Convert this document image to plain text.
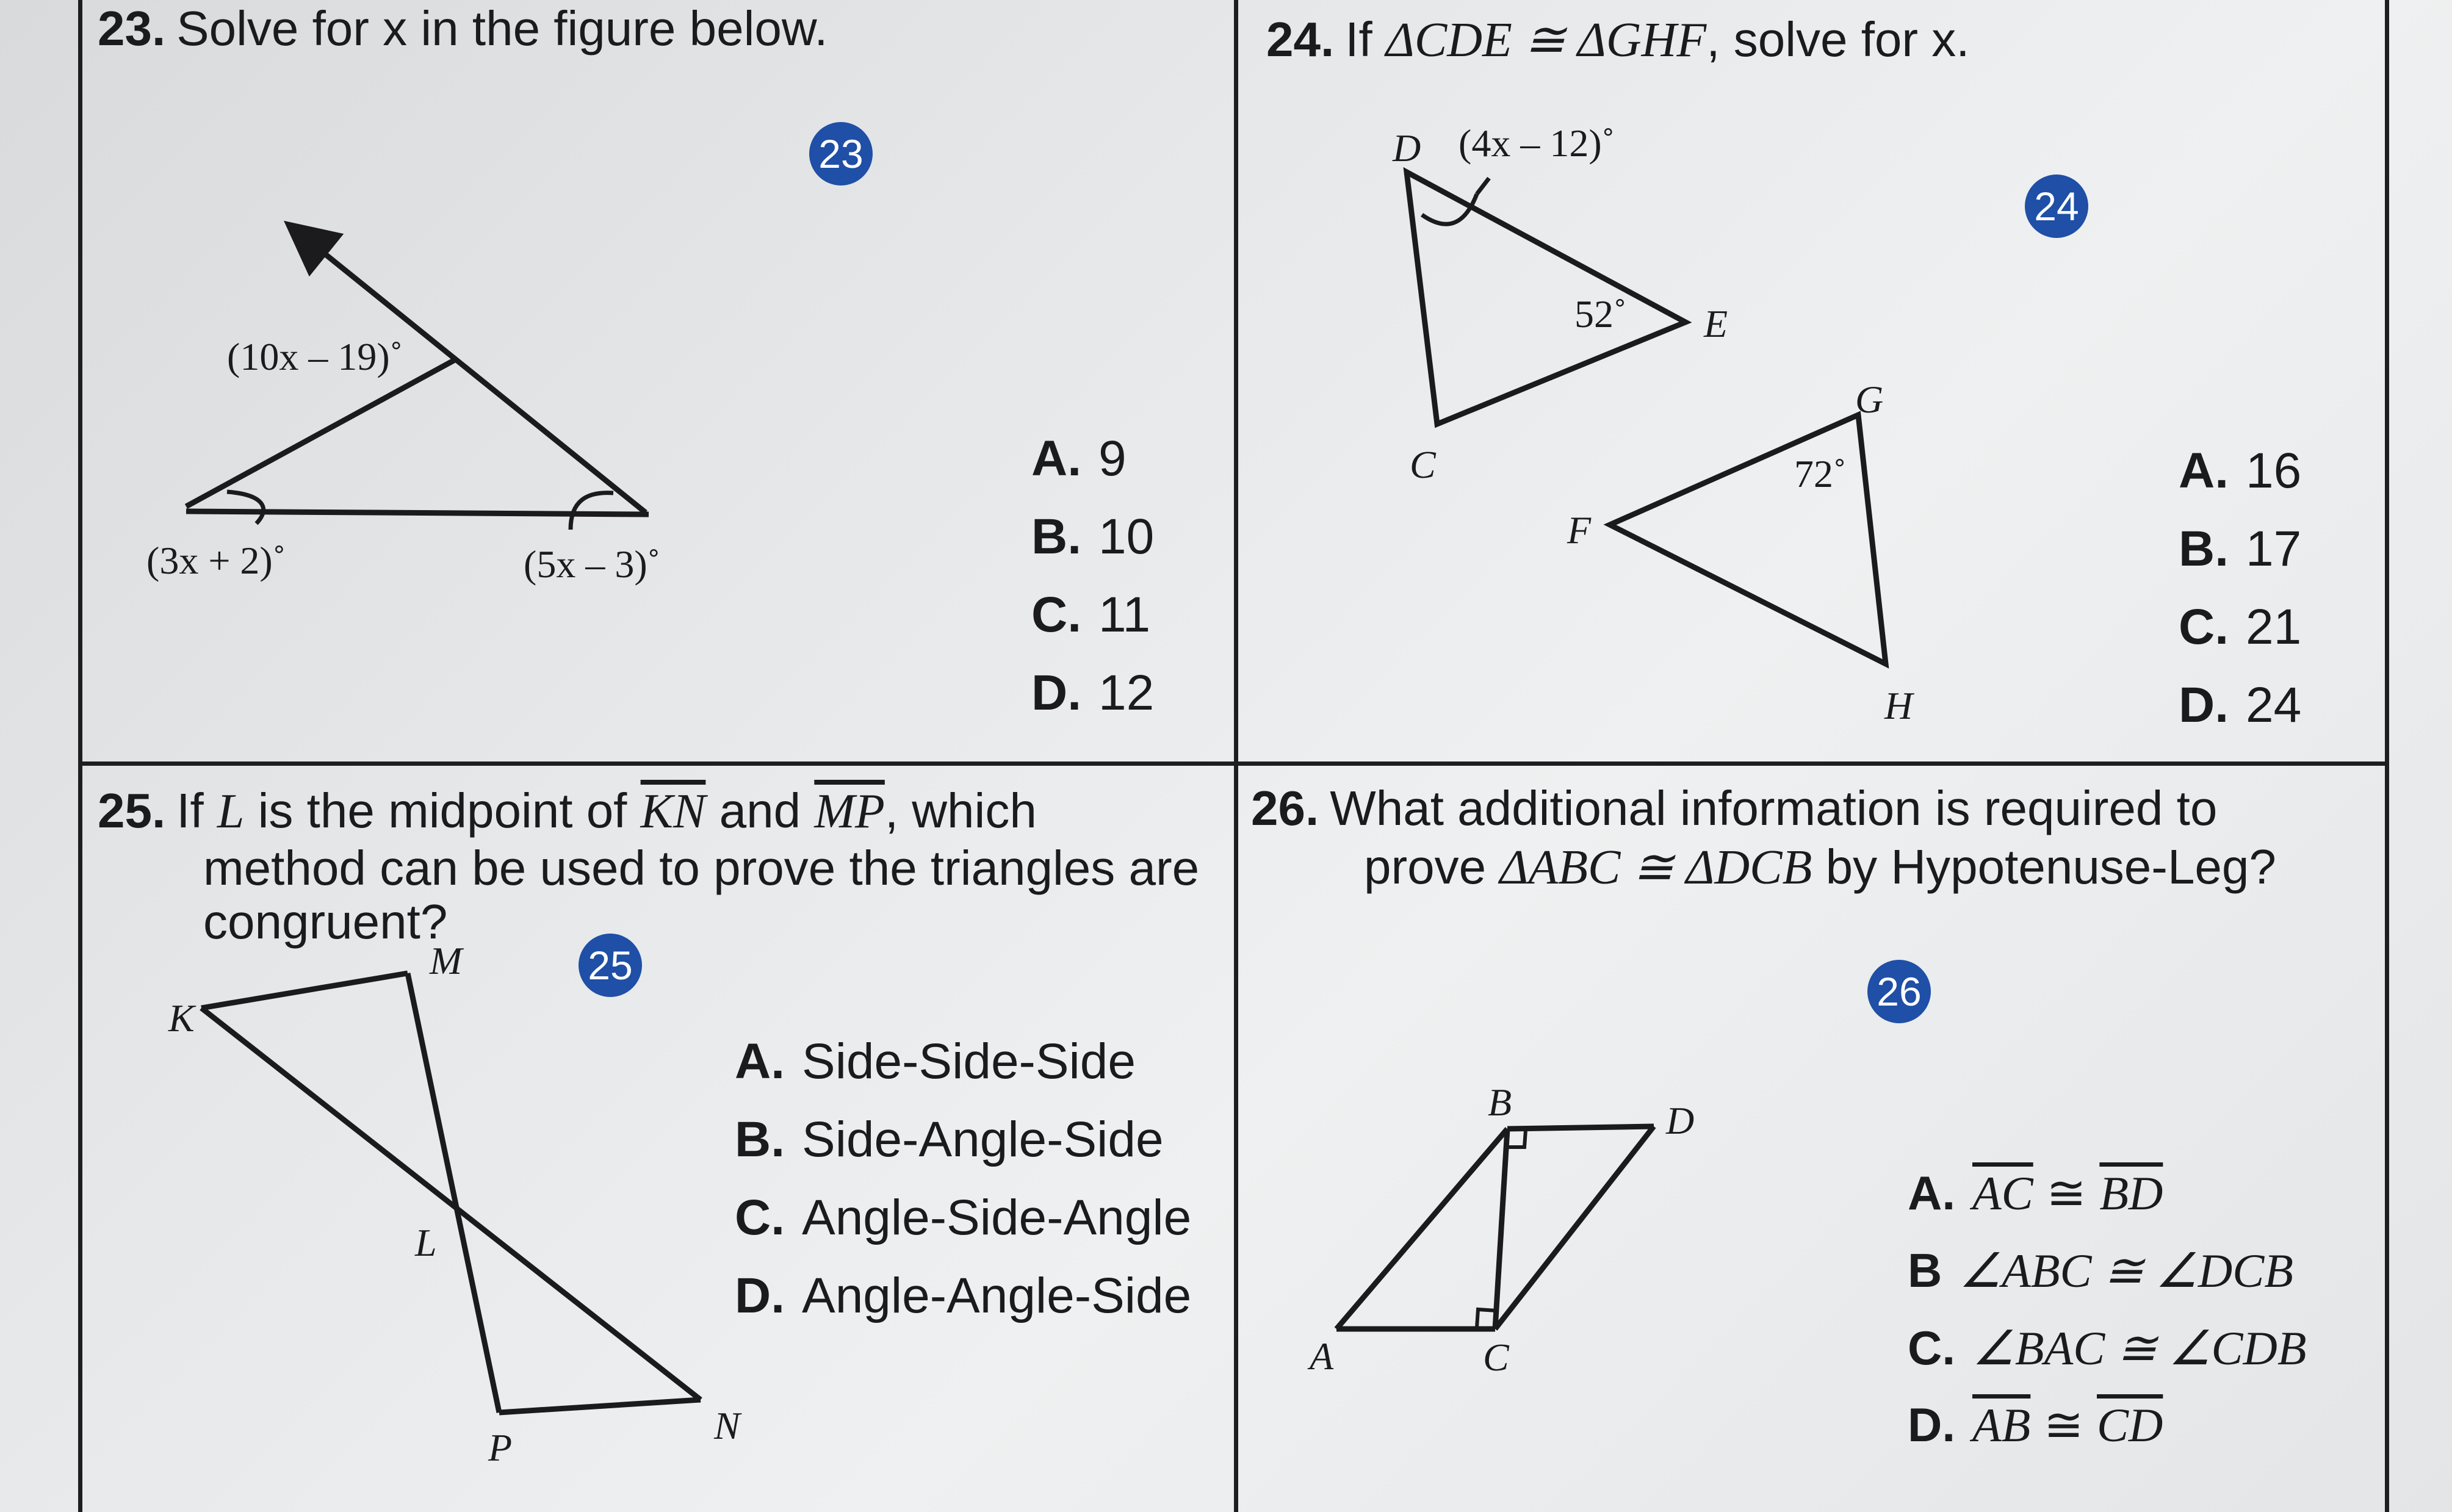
23. Solve for x in the figure below.
23
(10x – 19)˚
(3x + 2)˚	(5x – 3)˚
A. 9
B. 10
C. 11
D. 12
24. If ΔCDE ≅ ΔGHF, solve for x.
24
D (4x – 12)˚
52˚ E
C
G
72˚
F
H
A. 16
B. 17
C. 21
D. 24
25. If L is the midpoint of $\overline{KN}$ and $\overline{MP}$, which
method can be used to prove the triangles are
congruent?
25
M
K
L
P
N
A. Side-Side-Side
B. Side-Angle-Side
C. Angle-Side-Angle
D. Angle-Angle-Side
26. What additional information is required to
prove ΔABC ≅ ΔDCB by Hypotenuse-Leg?
26
B	D
A	C
A. $\overline{AC}$ ≅ $\overline{BD}$
B ∠ABC ≅ ∠DCB
C. ∠BAC ≅ ∠CDB
D. $\overline{AB}$ ≅ $\overline{CD}$
